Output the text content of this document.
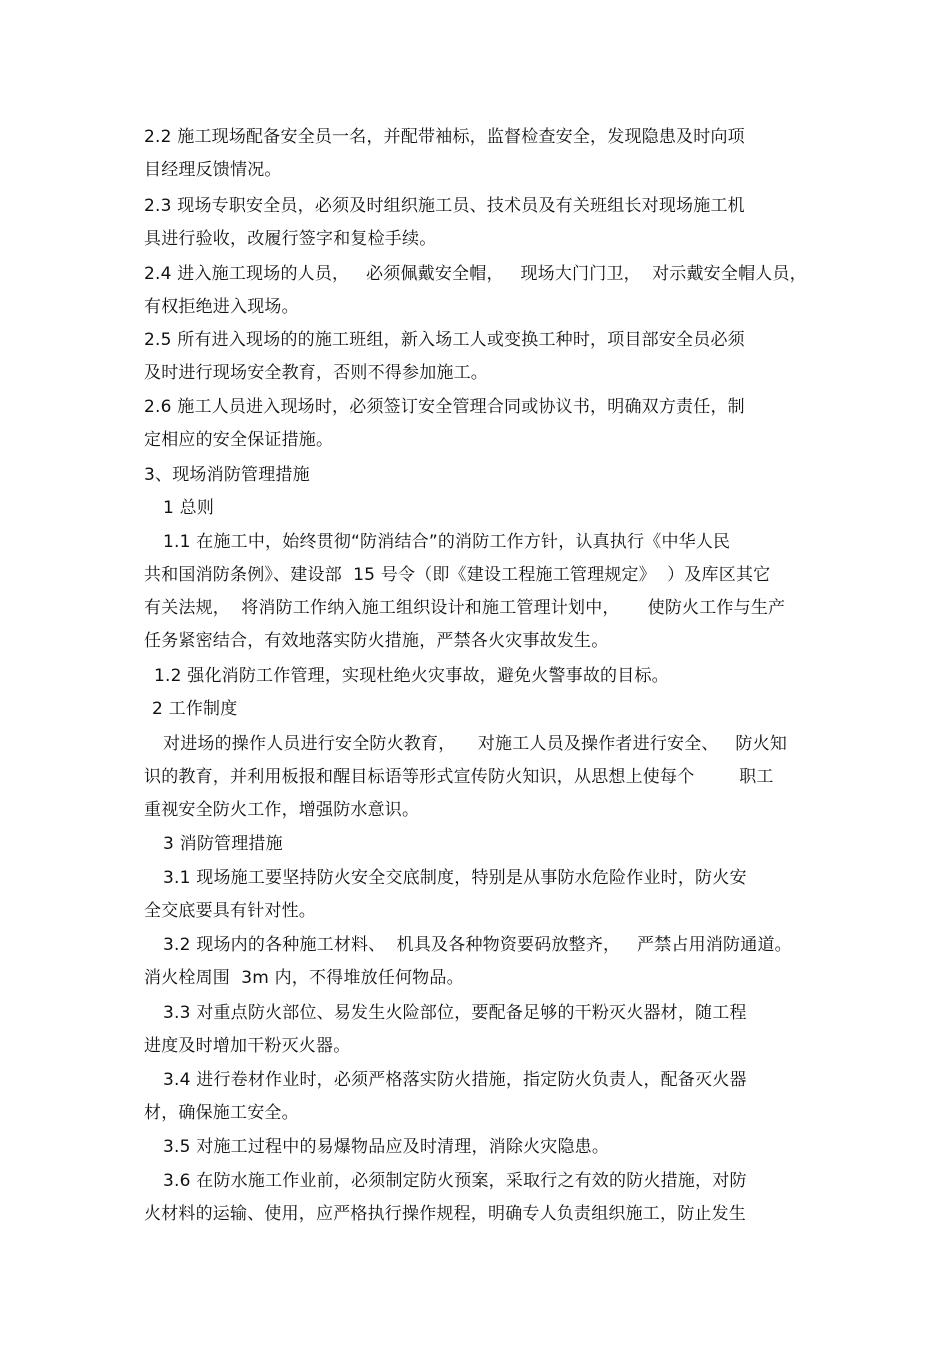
2.2 施工现场配备安全员一名，并配带袖标，监督检查安全，发现隐患及时向项
目经理反馈情况。
2.3 现场专职安全员，必须及时组织施工员、技术员及有关班组长对现场施工机
具进行验收，改履行签字和复检手续。
2.4 进入施工现场的人员，   必须佩戴安全帽，   现场大门门卫，  对示戴安全帽人员，
有权拒绝进入现场。
2.5 所有进入现场的的施工班组，新入场工人或变换工种时，项目部安全员必须
及时进行现场安全教育，否则不得参加施工。
2.6 施工人员进入现场时，必须签订安全管理合同或协议书，明确双方责任，制
定相应的安全保证措施。
3、现场消防管理措施
1 总则
1.1 在施工中，始终贯彻“防消结合”的消防工作方针，认真执行《中华人民
共和国消防条例》、建设部  15 号令（即《建设工程施工管理规定》  ）及库区其它
有关法规，  将消防工作纳入施工组织设计和施工管理计划中，     使防火工作与生产
任务紧密结合，有效地落实防火措施，严禁各火灾事故发生。
1.2 强化消防工作管理，实现杜绝火灾事故，避免火警事故的目标。
2 工作制度
对进场的操作人员进行安全防火教育，    对施工人员及操作者进行安全、   防火知
识的教育，并利用板报和醒目标语等形式宣传防火知识，从思想上使每个        职工
重视安全防火工作，增强防水意识。
3 消防管理措施
3.1 现场施工要坚持防火安全交底制度，特别是从事防水危险作业时，防火安
全交底要具有针对性。
3.2 现场内的各种施工材料、  机具及各种物资要码放整齐，   严禁占用消防通道。
消火栓周围  3m 内，不得堆放任何物品。
3.3 对重点防火部位、易发生火险部位，要配备足够的干粉灭火器材，随工程
进度及时增加干粉灭火器。
3.4 进行卷材作业时，必须严格落实防火措施，指定防火负责人，配备灭火器
材，确保施工安全。
3.5 对施工过程中的易爆物品应及时清理，消除火灾隐患。
3.6 在防水施工作业前，必须制定防火预案，采取行之有效的防火措施，对防
火材料的运输、使用，应严格执行操作规程，明确专人负责组织施工，防止发生
